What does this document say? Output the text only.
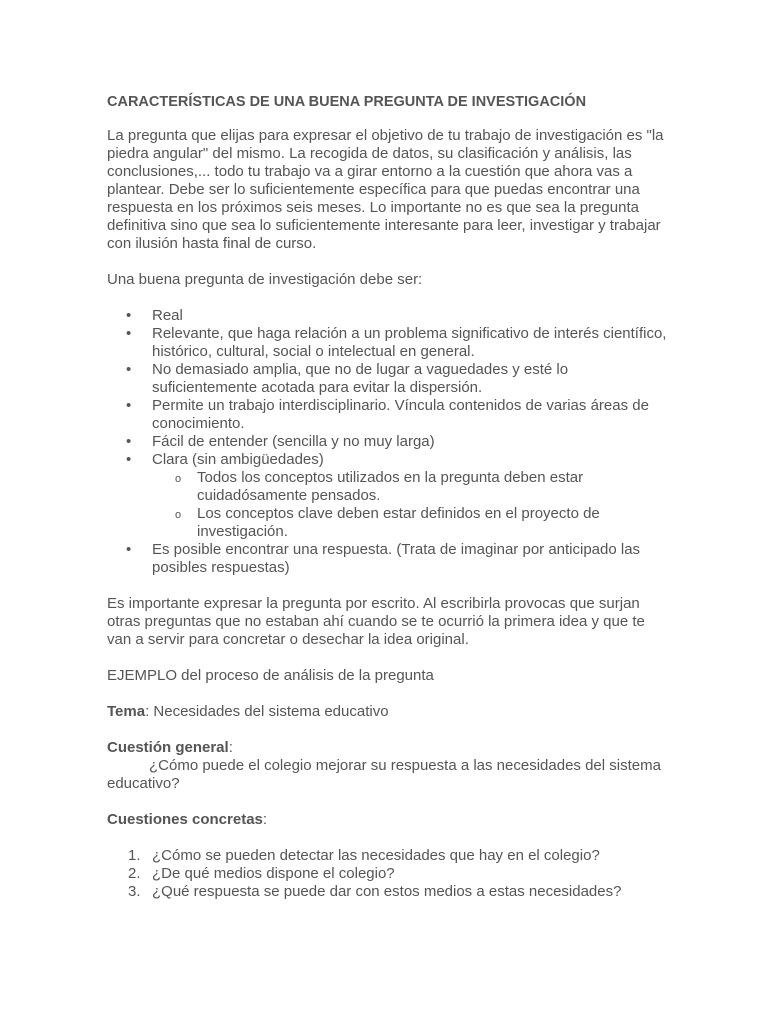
CARACTERÍSTICAS DE UNA BUENA PREGUNTA DE INVESTIGACIÓN

La pregunta que elijas para expresar el objetivo de tu trabajo de investigación es "la piedra angular" del mismo. La recogida de datos, su clasificación y análisis, las conclusiones,... todo tu trabajo va a girar entorno a la cuestión que ahora vas a plantear. Debe ser lo suficientemente específica para que puedas encontrar una respuesta en los próximos seis meses. Lo importante no es que sea la pregunta definitiva sino que sea lo suficientemente interesante para leer, investigar y trabajar con ilusión hasta final de curso.

Una buena pregunta de investigación debe ser:

• Real
• Relevante, que haga relación a un problema significativo de interés científico, histórico, cultural, social o intelectual en general.
• No demasiado amplia, que no de lugar a vaguedades y esté lo suficientemente acotada para evitar la dispersión.
• Permite un trabajo interdisciplinario. Víncula contenidos de varias áreas de conocimiento.
• Fácil de entender (sencilla y no muy larga)
• Clara (sin ambigüedades)
o Todos los conceptos utilizados en la pregunta deben estar cuidadósamente pensados.
o Los conceptos clave deben estar definidos en el proyecto de investigación.
• Es posible encontrar una respuesta. (Trata de imaginar por anticipado las posibles respuestas)

Es importante expresar la pregunta por escrito. Al escribirla provocas que surjan otras preguntas que no estaban ahí cuando se te ocurrió la primera idea y que te van a servir para concretar o desechar la idea original.

EJEMPLO del proceso de análisis de la pregunta

Tema: Necesidades del sistema educativo

Cuestión general:

¿Cómo puede el colegio mejorar su respuesta a las necesidades del sistema educativo?

Cuestiones concretas:

1. ¿Cómo se pueden detectar las necesidades que hay en el colegio?
2. ¿De qué medios dispone el colegio?
3. ¿Qué respuesta se puede dar con estos medios a estas necesidades?
